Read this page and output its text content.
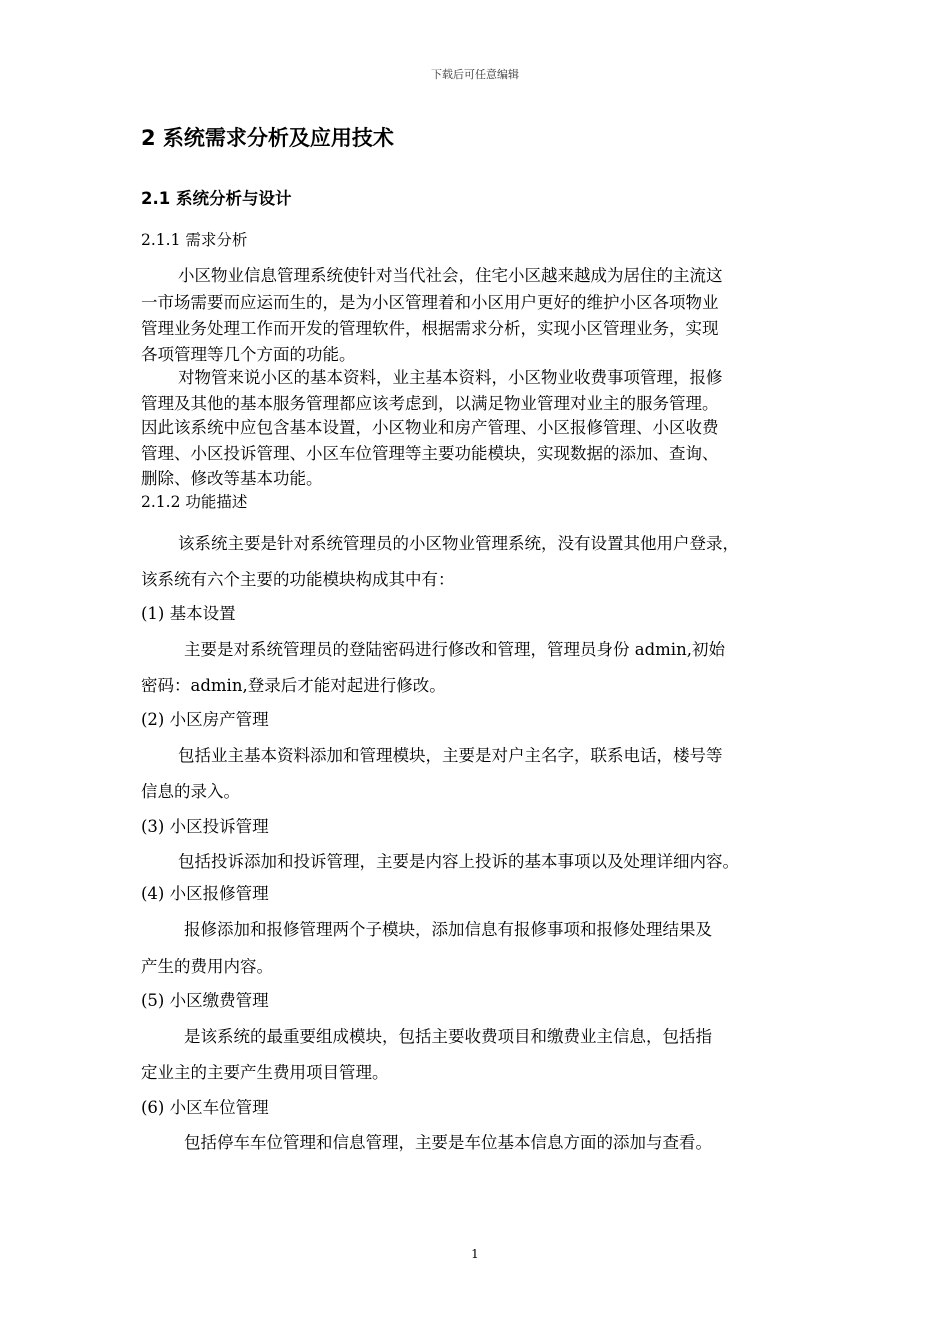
下载后可任意编辑
2 系统需求分析及应用技术
2.1 系统分析与设计
2.1.1 需求分析
小区物业信息管理系统使针对当代社会，住宅小区越来越成为居住的主流这
一市场需要而应运而生的，是为小区管理着和小区用户更好的维护小区各项物业
管理业务处理工作而开发的管理软件，根据需求分析，实现小区管理业务，实现
各项管理等几个方面的功能。
对物管来说小区的基本资料，业主基本资料，小区物业收费事项管理，报修
管理及其他的基本服务管理都应该考虑到，以满足物业管理对业主的服务管理。
因此该系统中应包含基本设置，小区物业和房产管理、小区报修管理、小区收费
管理、小区投诉管理、小区车位管理等主要功能模块，实现数据的添加、查询、
删除、修改等基本功能。
2.1.2 功能描述
该系统主要是针对系统管理员的小区物业管理系统，没有设置其他用户登录，
该系统有六个主要的功能模块构成其中有：
(1) 基本设置
主要是对系统管理员的登陆密码进行修改和管理，管理员身份 admin,初始
密码：admin,登录后才能对起进行修改。
(2) 小区房产管理
包括业主基本资料添加和管理模块，主要是对户主名字，联系电话，楼号等
信息的录入。
(3) 小区投诉管理
包括投诉添加和投诉管理，主要是内容上投诉的基本事项以及处理详细内容。
(4) 小区报修管理
报修添加和报修管理两个子模块，添加信息有报修事项和报修处理结果及
产生的费用内容。
(5) 小区缴费管理
是该系统的最重要组成模块，包括主要收费项目和缴费业主信息，包括指
定业主的主要产生费用项目管理。
(6) 小区车位管理
包括停车车位管理和信息管理，主要是车位基本信息方面的添加与查看。
1
